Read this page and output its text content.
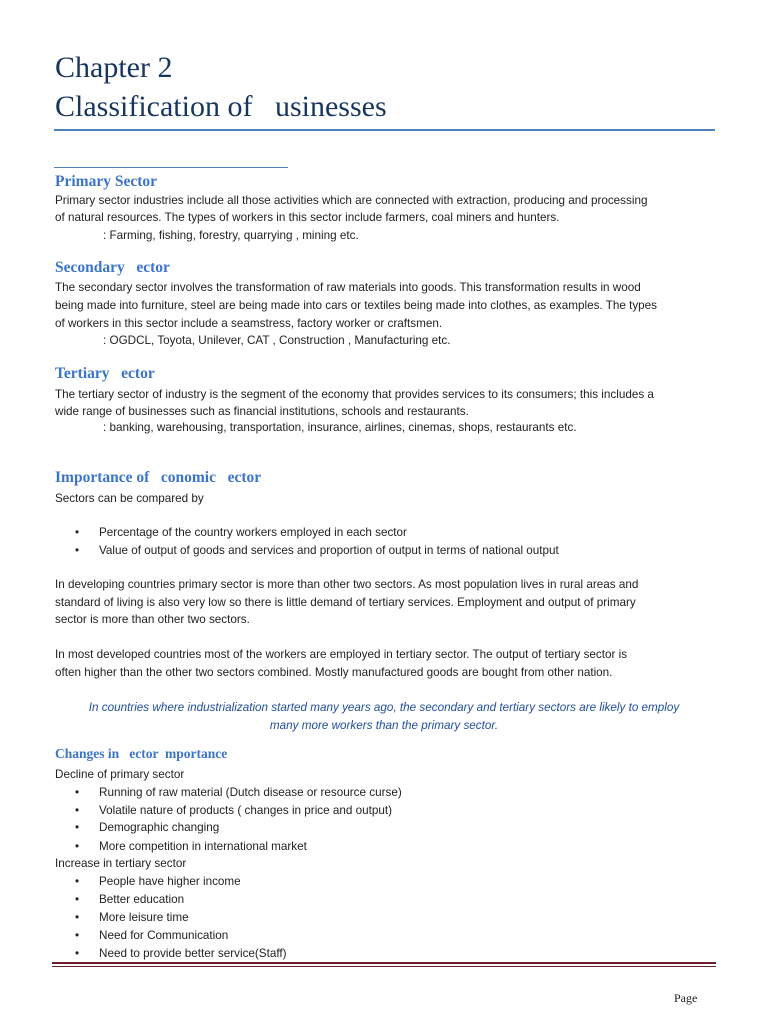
Chapter 2
Classification of   usinesses
Primary Sector
Primary sector industries include all those activities which are connected with extraction, producing and processing
of natural resources. The types of workers in this sector include farmers, coal miners and hunters.
: Farming, fishing, forestry, quarrying , mining etc.
Secondary   ector
The secondary sector involves the transformation of raw materials into goods. This transformation results in wood
being made into furniture, steel are being made into cars or textiles being made into clothes, as examples. The types
of workers in this sector include a seamstress, factory worker or craftsmen.
: OGDCL, Toyota, Unilever, CAT , Construction , Manufacturing etc.
Tertiary   ector
The tertiary sector of industry is the segment of the economy that provides services to its consumers; this includes a
wide range of businesses such as financial institutions, schools and restaurants.
: banking, warehousing, transportation, insurance, airlines, cinemas, shops, restaurants etc.
Importance of   conomic   ector
Sectors can be compared by
• Percentage of the country workers employed in each sector
• Value of output of goods and services and proportion of output in terms of national output
In developing countries primary sector is more than other two sectors. As most population lives in rural areas and
standard of living is also very low so there is little demand of tertiary services. Employment and output of primary
sector is more than other two sectors.
In most developed countries most of the workers are employed in tertiary sector. The output of tertiary sector is
often higher than the other two sectors combined. Mostly manufactured goods are bought from other nation.
In countries where industrialization started many years ago, the secondary and tertiary sectors are likely to employ
many more workers than the primary sector.
Changes in   ector  mportance
Decline of primary sector
• Running of raw material (Dutch disease or resource curse)
• Volatile nature of products ( changes in price and output)
• Demographic changing
• More competition in international market
Increase in tertiary sector
• People have higher income
• Better education
• More leisure time
• Need for Communication
• Need to provide better service(Staff)
Page
